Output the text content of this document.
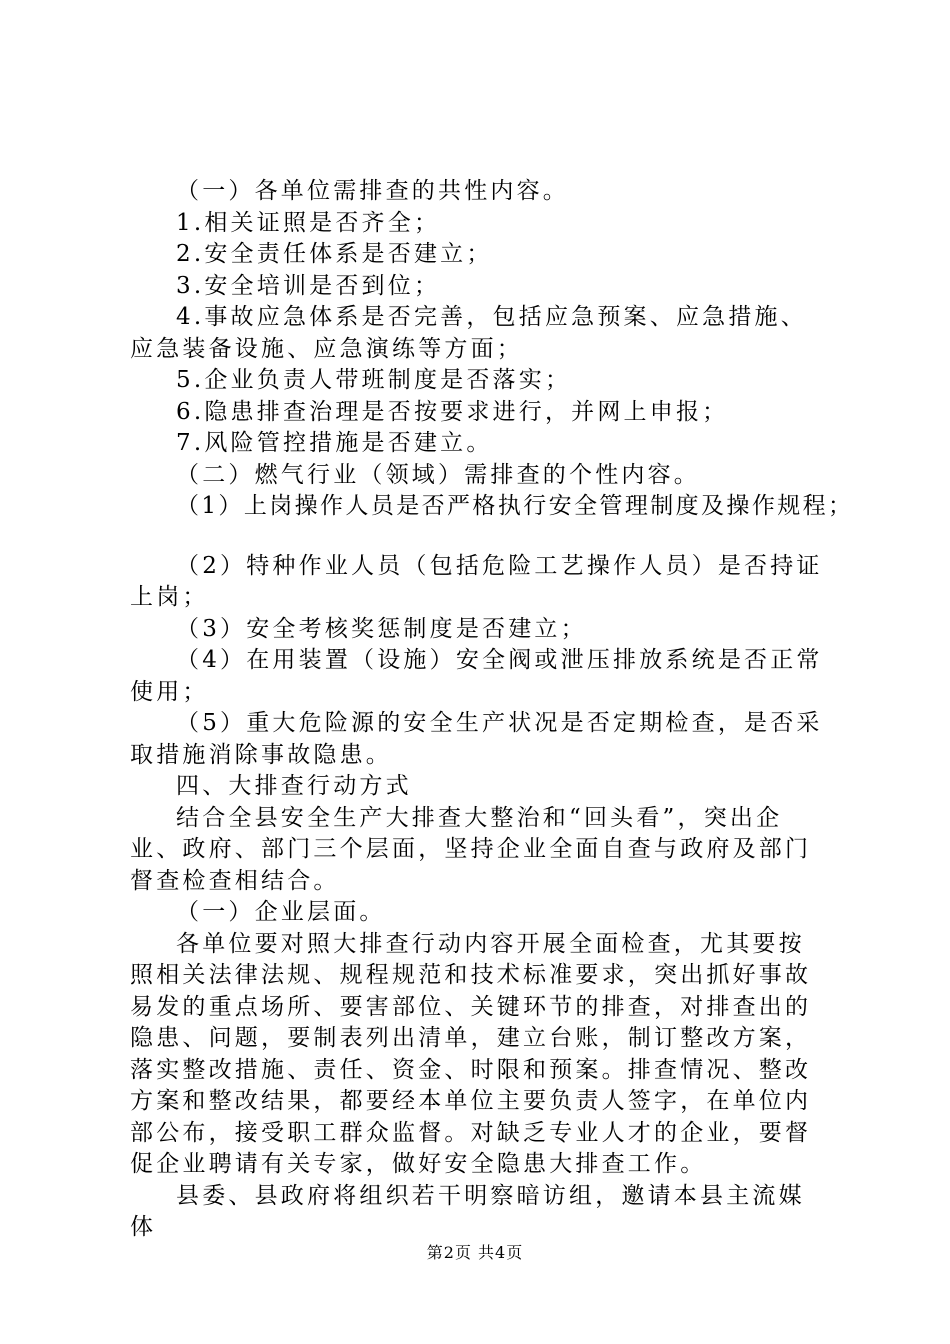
（一）各单位需排查的共性内容。

1.相关证照是否齐全；

2.安全责任体系是否建立；

3.安全培训是否到位；

4.事故应急体系是否完善，包括应急预案、应急措施、应急装备设施、应急演练等方面；

5.企业负责人带班制度是否落实；

6.隐患排查治理是否按要求进行，并网上申报；

7.风险管控措施是否建立。

（二）燃气行业（领域）需排查的个性内容。

（1）上岗操作人员是否严格执行安全管理制度及操作规程；

（2）特种作业人员（包括危险工艺操作人员）是否持证上岗；

（3）安全考核奖惩制度是否建立；

（4）在用装置（设施）安全阀或泄压排放系统是否正常使用；

（5）重大危险源的安全生产状况是否定期检查，是否采取措施消除事故隐患。

四、大排查行动方式

结合全县安全生产大排查大整治和“回头看”，突出企业、政府、部门三个层面，坚持企业全面自查与政府及部门督查检查相结合。

（一）企业层面。

各单位要对照大排查行动内容开展全面检查，尤其要按照相关法律法规、规程规范和技术标准要求，突出抓好事故易发的重点场所、要害部位、关键环节的排查，对排查出的隐患、问题，要制表列出清单，建立台账，制订整改方案，落实整改措施、责任、资金、时限和预案。排查情况、整改方案和整改结果，都要经本单位主要负责人签字，在单位内部公布，接受职工群众监督。对缺乏专业人才的企业，要督促企业聘请有关专家，做好安全隐患大排查工作。

县委、县政府将组织若干明察暗访组，邀请本县主流媒体

第2页 共4页
